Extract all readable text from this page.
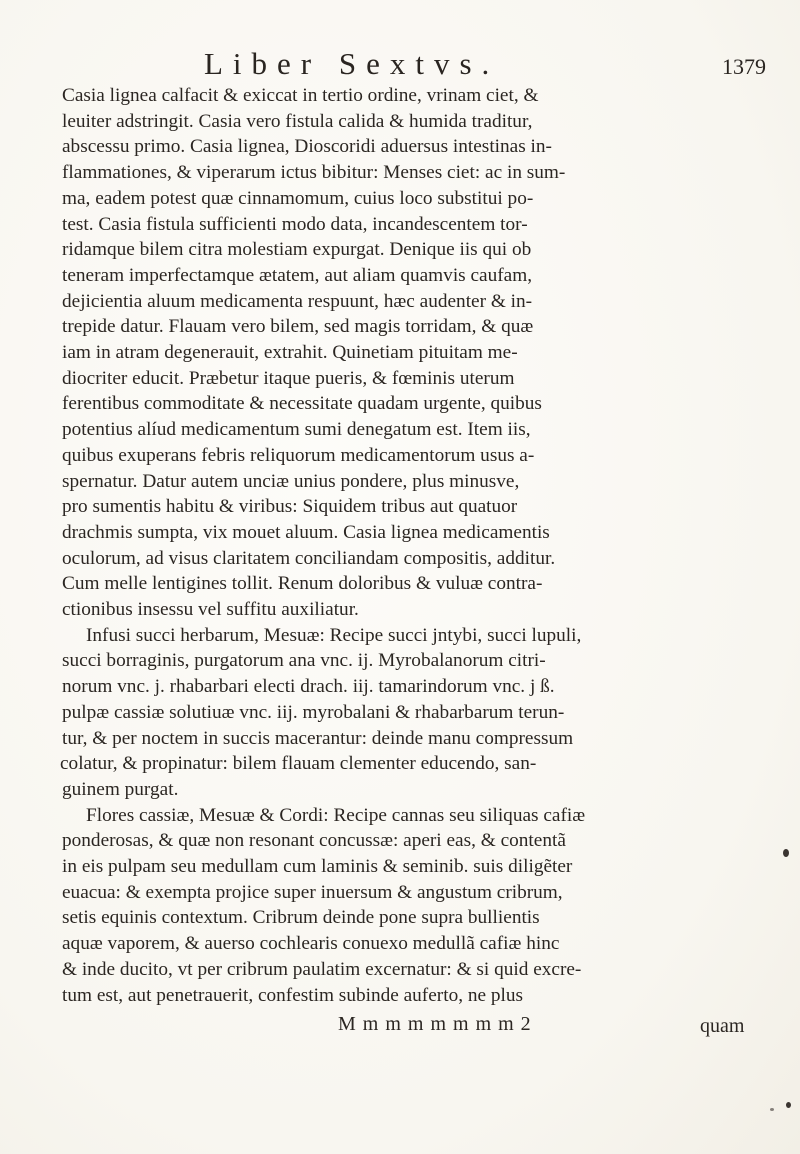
Liber Sextvs.	1379
Casia lignea calfacit & exiccat in tertio ordine, vrinam ciet, &
leuiter adstringit. Casia vero fistula calida & humida traditur,
abscessu primo. Casia lignea, Dioscoridi aduersus intestinas in-
flammationes, & viperarum ictus bibitur: Menses ciet: ac in sum-
ma, eadem potest quæ cinnamomum, cuius loco substitui po-
test. Casia fistula sufficienti modo data, incandescentem tor-
ridamque bilem citra molestiam expurgat. Denique iis qui ob
teneram imperfectamque ætatem, aut aliam quamvis caufam,
dejicientia aluum medicamenta respuunt, hæc audenter & in-
trepide datur. Flauam vero bilem, sed magis torridam, & quæ
iam in atram degenerauit, extrahit. Quinetiam pituitam me-
diocriter educit. Præbetur itaque pueris, & fœminis uterum
ferentibus commoditate & necessitate quadam urgente, quibus
potentius alíud medicamentum sumi denegatum est. Item iis,
quibus exuperans febris reliquorum medicamentorum usus a-
spernatur. Datur autem unciæ unius pondere, plus minusve,
pro sumentis habitu & viribus: Siquidem tribus aut quatuor
drachmis sumpta, vix mouet aluum. Casia lignea medicamentis
oculorum, ad visus claritatem conciliandam compositis, additur.
Cum melle lentigines tollit. Renum doloribus & vuluæ contra-
ctionibus insessu vel suffitu auxiliatur.
Infusi succi herbarum, Mesuæ: Recipe succi jntybi, succi lupuli,
succi borraginis, purgatorum ana vnc. ij. Myrobalanorum citri-
norum vnc. j. rhabarbari electi drach. iij. tamarindorum vnc. j ß.
pulpæ cassiæ solutiuæ vnc. iij. myrobalani & rhabarbarum terun-
tur, & per noctem in succis macerantur: deinde manu compressum
colatur, & propinatur: bilem flauam clementer educendo, san-
guinem purgat.
Flores cassiæ, Mesuæ & Cordi: Recipe cannas seu siliquas cafiæ
ponderosas, & quæ non resonant concussæ: aperi eas, & contentã
in eis pulpam seu medullam cum laminis & seminib. suis diligẽter
euacua: & exempta projice super inuersum & angustum cribrum,
setis equinis contextum. Cribrum deinde pone supra bullientis
aquæ vaporem, & auerso cochlearis conuexo medullã cafiæ hinc
& inde ducito, vt per cribrum paulatim excernatur: & si quid excre-
tum est, aut penetrauerit, confestim subinde auferto, ne plus
M m m m m m m m 2	quam
